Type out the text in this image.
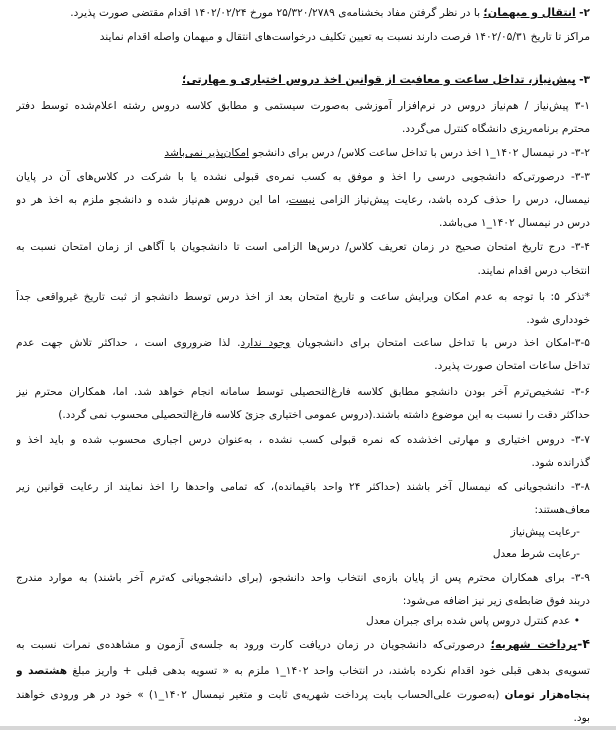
۲- انتقال و میهمان؛ با در نظر گرفتن مفاد بخشنامه‌ی ۲۵/۳۲۰/۲۷۸۹ مورخ ۱۴۰۲/۰۲/۲۴ اقدام مقتضی صورت پذیرد.
مراکز تا تاریخ ۱۴۰۲/۰۵/۳۱ فرصت دارند نسبت به تعیین تکلیف درخواست‌های انتقال و میهمان واصله اقدام نمایند
۳- پیش‌نیاز، تداخل ساعت و معافیت از قوانین اخذ دروس اختیاری و مهارتی؛
۳-۱ پیش‌نیاز / هم‌نیاز دروس در نرم‌افزار آموزشی به‌صورت سیستمی و مطابق کلاسه دروس رشته اعلام‌شده توسط دفتر
محترم برنامه‌ریزی دانشگاه کنترل می‌گردد.
۳-۲- در نیمسال ۱۴۰۲_۱ اخذ درس با تداخل ساعت کلاس/ درس برای دانشجو امکان‌پذیر نمی‌باشد
۳-۳- درصورتی‌که دانشجویی درسی را اخذ و موفق به کسب نمره‌ی قبولی نشده یا با شرکت در کلاس‌های آن در پایان
نیمسال، درس را حذف کرده باشد، رعایت پیش‌نیاز الزامی نیست، اما این دروس هم‌نیاز شده و دانشجو ملزم به اخذ هر دو
درس در نیمسال ۱۴۰۲_۱ می‌باشد.
۳-۴- درج تاریخ امتحان صحیح در زمان تعریف کلاس/ درس‌ها الزامی است تا دانشجویان با آگاهی از زمان امتحان نسبت به
انتخاب درس اقدام نمایند.
*تذکر ۵: با توجه به عدم امکان ویرایش ساعت و تاریخ امتحان بعد از اخذ درس توسط دانشجو از ثبت تاریخ غیرواقعی جداً
خودداری شود.
۳-۵-امکان اخذ درس با تداخل ساعت امتحان برای دانشجویان وجود ندارد. لذا ضروروی است ، حداکثر تلاش جهت عدم
تداخل ساعات امتحان صورت پذیرد.
۳-۶- تشخیص‌ترم آخر بودن دانشجو مطابق کلاسه فارغ‌التحصیلی توسط سامانه انجام خواهد شد. اما، همکاران محترم نیز
حداکثر دقت را نسبت به این موضوع داشته باشند.(دروس عمومی اختیاری جزئ کلاسه فارغ‌التحصیلی محسوب نمی گردد.)
۳-۷- دروس اختیاری و مهارتی اخذشده که نمره قبولی کسب نشده ، به‌عنوان درس اجباری محسوب شده و باید اخذ و
گذرانده شود.
۳-۸- دانشجویانی که نیمسال آخر باشند (حداکثر ۲۴ واحد باقیمانده)، که تمامی واحدها را اخذ نمایند از رعایت قوانین زیر
معاف‌هستند:
-رعایت پیش‌نیاز
-رعایت شرط معدل
۳-۹- برای همکاران محترم پس از پایان بازه‌ی انتخاب واحد دانشجو، (برای دانشجویانی که‌ترم آخر باشند) به موارد مندرج
دربند فوق ضابطه‌ی زیر نیز اضافه می‌شود:
• عدم کنترل دروس پاس شده برای جبران معدل
۴-پرداخت شهریه؛ درصورتی‌که دانشجویان در زمان دریافت کارت ورود به جلسه‌ی آزمون و مشاهده‌ی نمرات نسبت به
تسویه‌ی بدهی قبلی خود اقدام نکرده باشند، در انتخاب واحد ۱۴۰۲_۱ ملزم به « تسویه بدهی قبلی + واریز مبلغ هشتصد و
پنجاه‌هزار تومان (به‌صورت علی‌الحساب بابت پرداخت شهریه‌ی ثابت و متغیر نیمسال ۱۴۰۲_۱) » خود در هر ورودی خواهند
بود.
